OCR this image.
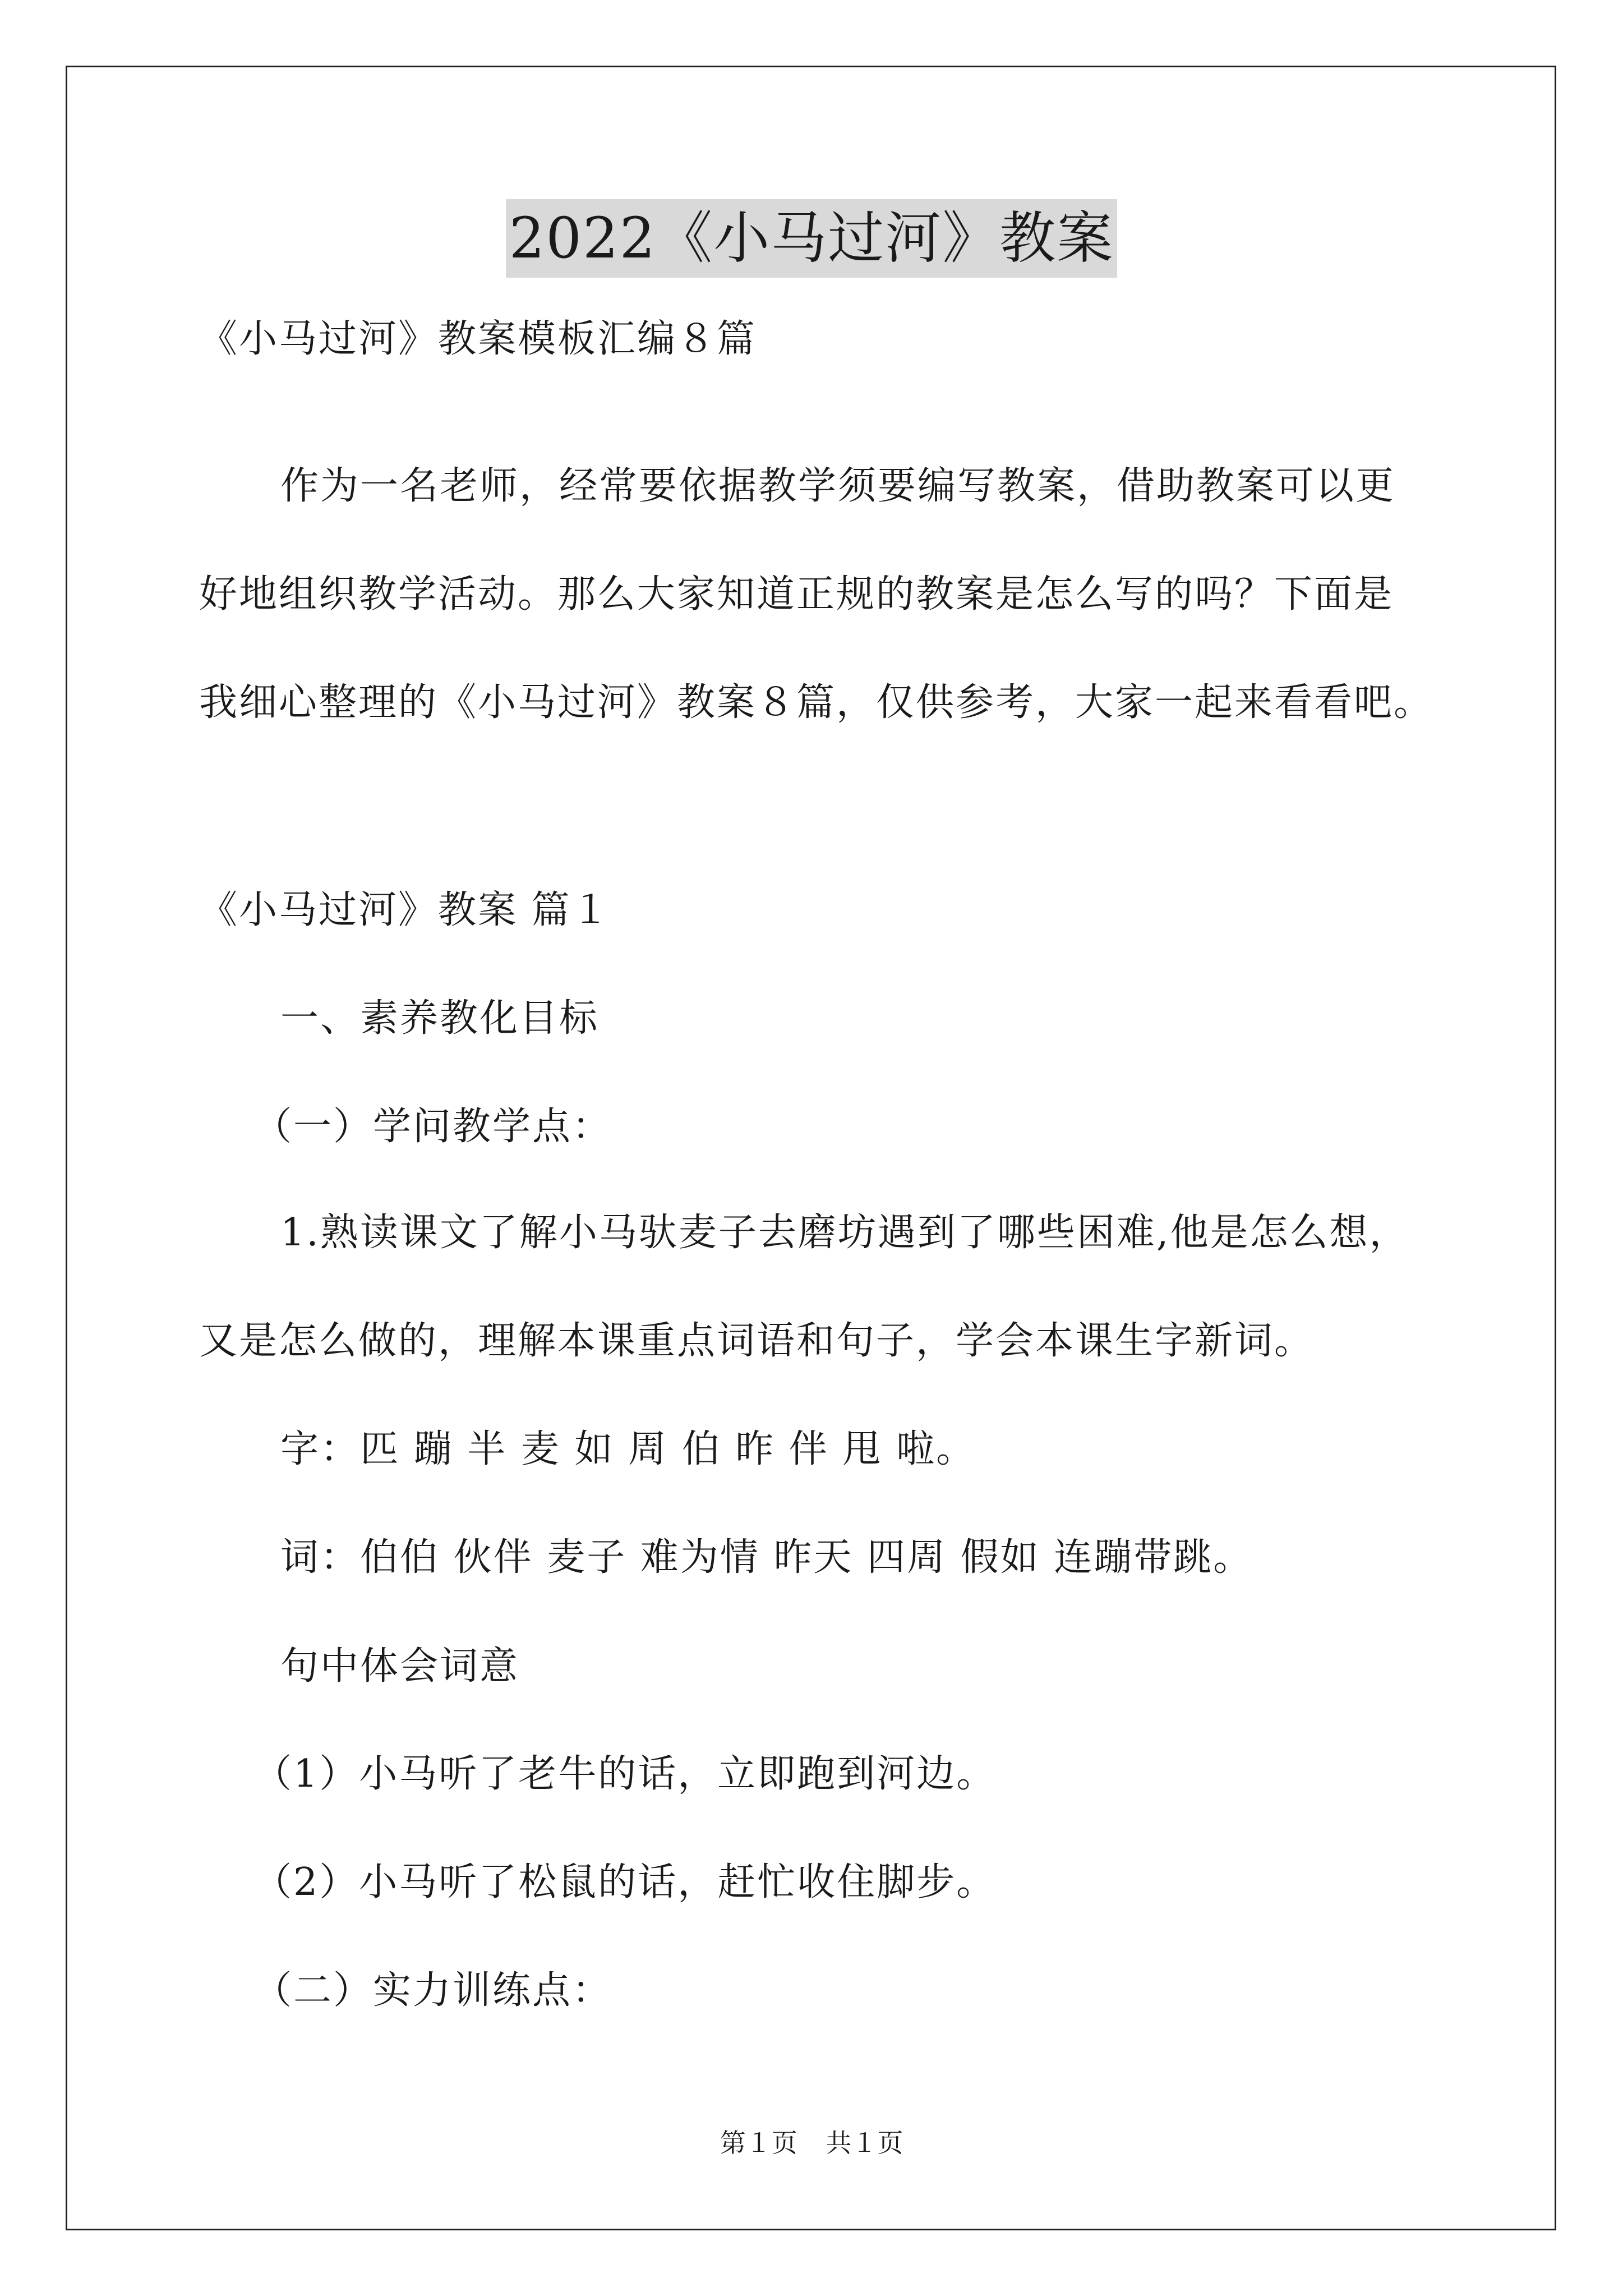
2022《小马过河》教案
《小马过河》教案模板汇编８篇
作为一名老师，经常要依据教学须要编写教案，借助教案可以更
好地组织教学活动。那么大家知道正规的教案是怎么写的吗？下面是
我细心整理的《小马过河》教案８篇，仅供参考，大家一起来看看吧。
《小马过河》教案 篇１
一、素养教化目标
（一）学问教学点：
1.熟读课文了解小马驮麦子去磨坊遇到了哪些困难,他是怎么想，
又是怎么做的，理解本课重点词语和句子，学会本课生字新词。
字：匹 蹦 半 麦 如 周 伯 昨 伴 甩 啦。
词：伯伯 伙伴 麦子 难为情 昨天 四周 假如 连蹦带跳。
句中体会词意
（1）小马听了老牛的话，立即跑到河边。
（2）小马听了松鼠的话，赶忙收住脚步。
（二）实力训练点：
第１页 共１页
